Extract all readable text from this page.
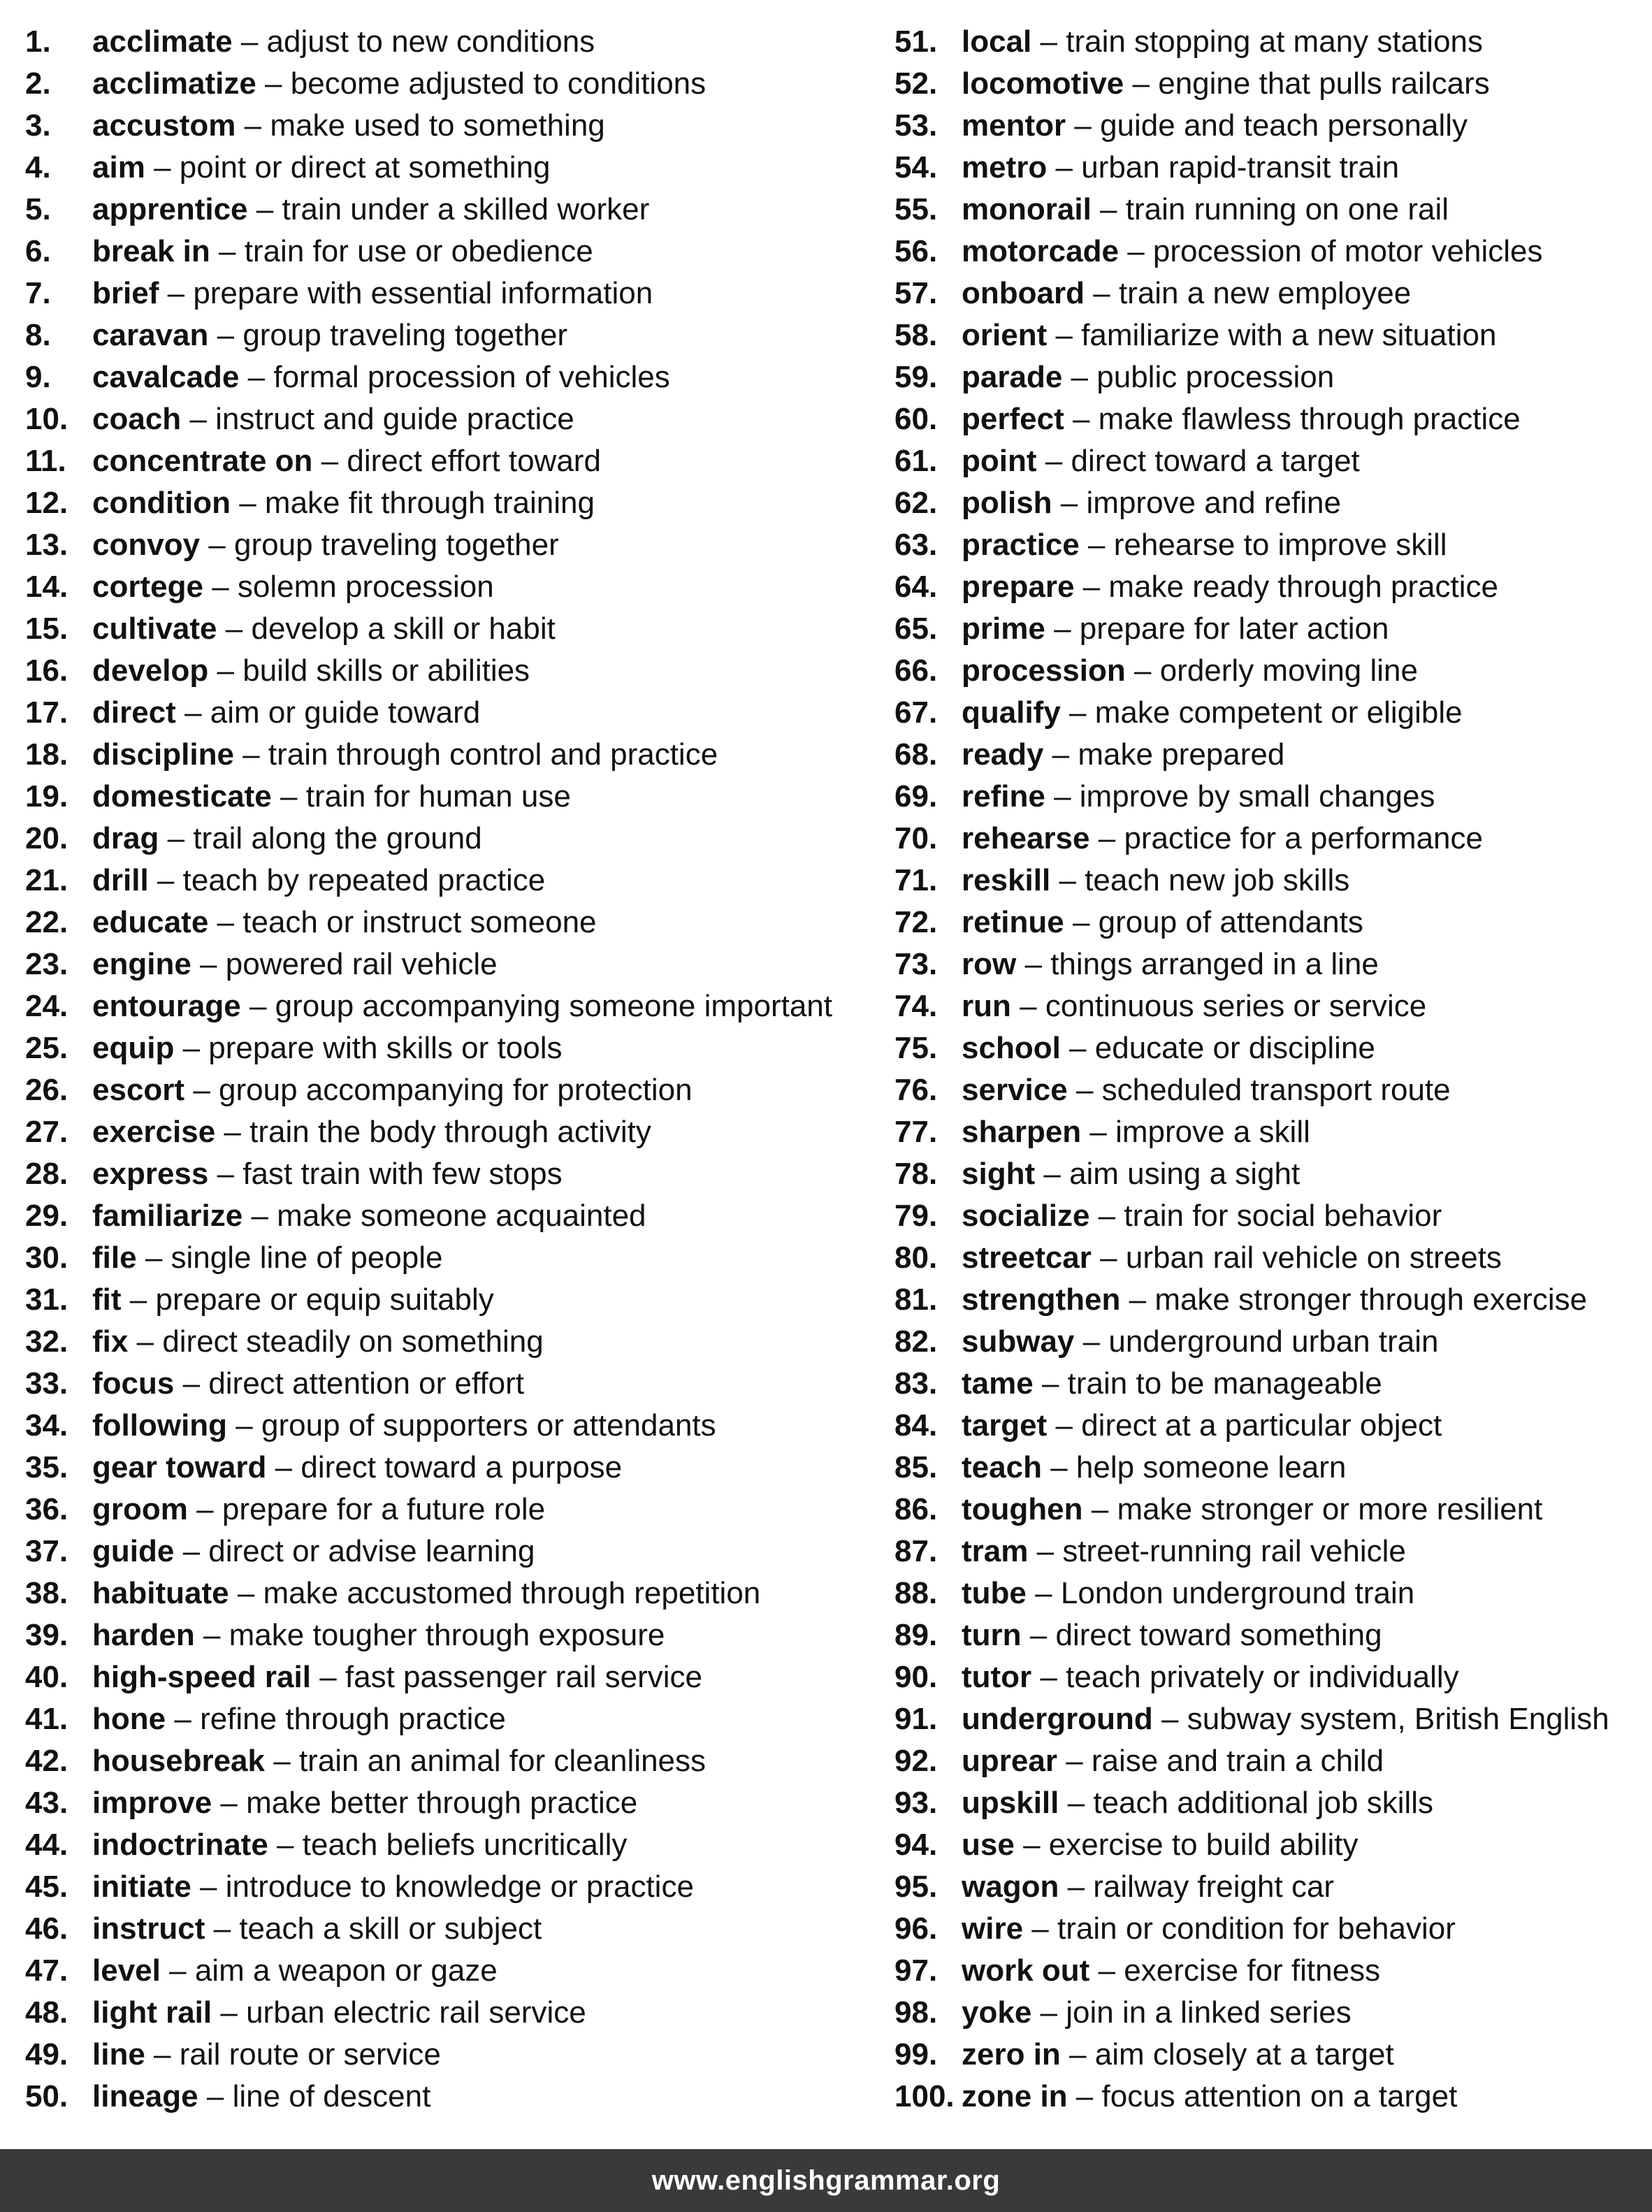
1. acclimate – adjust to new conditions
2. acclimatize – become adjusted to conditions
3. accustom – make used to something
4. aim – point or direct at something
5. apprentice – train under a skilled worker
6. break in – train for use or obedience
7. brief – prepare with essential information
8. caravan – group traveling together
9. cavalcade – formal procession of vehicles
10. coach – instruct and guide practice
11. concentrate on – direct effort toward
12. condition – make fit through training
13. convoy – group traveling together
14. cortege – solemn procession
15. cultivate – develop a skill or habit
16. develop – build skills or abilities
17. direct – aim or guide toward
18. discipline – train through control and practice
19. domesticate – train for human use
20. drag – trail along the ground
21. drill – teach by repeated practice
22. educate – teach or instruct someone
23. engine – powered rail vehicle
24. entourage – group accompanying someone important
25. equip – prepare with skills or tools
26. escort – group accompanying for protection
27. exercise – train the body through activity
28. express – fast train with few stops
29. familiarize – make someone acquainted
30. file – single line of people
31. fit – prepare or equip suitably
32. fix – direct steadily on something
33. focus – direct attention or effort
34. following – group of supporters or attendants
35. gear toward – direct toward a purpose
36. groom – prepare for a future role
37. guide – direct or advise learning
38. habituate – make accustomed through repetition
39. harden – make tougher through exposure
40. high-speed rail – fast passenger rail service
41. hone – refine through practice
42. housebreak – train an animal for cleanliness
43. improve – make better through practice
44. indoctrinate – teach beliefs uncritically
45. initiate – introduce to knowledge or practice
46. instruct – teach a skill or subject
47. level – aim a weapon or gaze
48. light rail – urban electric rail service
49. line – rail route or service
50. lineage – line of descent
51. local – train stopping at many stations
52. locomotive – engine that pulls railcars
53. mentor – guide and teach personally
54. metro – urban rapid-transit train
55. monorail – train running on one rail
56. motorcade – procession of motor vehicles
57. onboard – train a new employee
58. orient – familiarize with a new situation
59. parade – public procession
60. perfect – make flawless through practice
61. point – direct toward a target
62. polish – improve and refine
63. practice – rehearse to improve skill
64. prepare – make ready through practice
65. prime – prepare for later action
66. procession – orderly moving line
67. qualify – make competent or eligible
68. ready – make prepared
69. refine – improve by small changes
70. rehearse – practice for a performance
71. reskill – teach new job skills
72. retinue – group of attendants
73. row – things arranged in a line
74. run – continuous series or service
75. school – educate or discipline
76. service – scheduled transport route
77. sharpen – improve a skill
78. sight – aim using a sight
79. socialize – train for social behavior
80. streetcar – urban rail vehicle on streets
81. strengthen – make stronger through exercise
82. subway – underground urban train
83. tame – train to be manageable
84. target – direct at a particular object
85. teach – help someone learn
86. toughen – make stronger or more resilient
87. tram – street-running rail vehicle
88. tube – London underground train
89. turn – direct toward something
90. tutor – teach privately or individually
91. underground – subway system, British English
92. uprear – raise and train a child
93. upskill – teach additional job skills
94. use – exercise to build ability
95. wagon – railway freight car
96. wire – train or condition for behavior
97. work out – exercise for fitness
98. yoke – join in a linked series
99. zero in – aim closely at a target
100. zone in – focus attention on a target
www.englishgrammar.org
